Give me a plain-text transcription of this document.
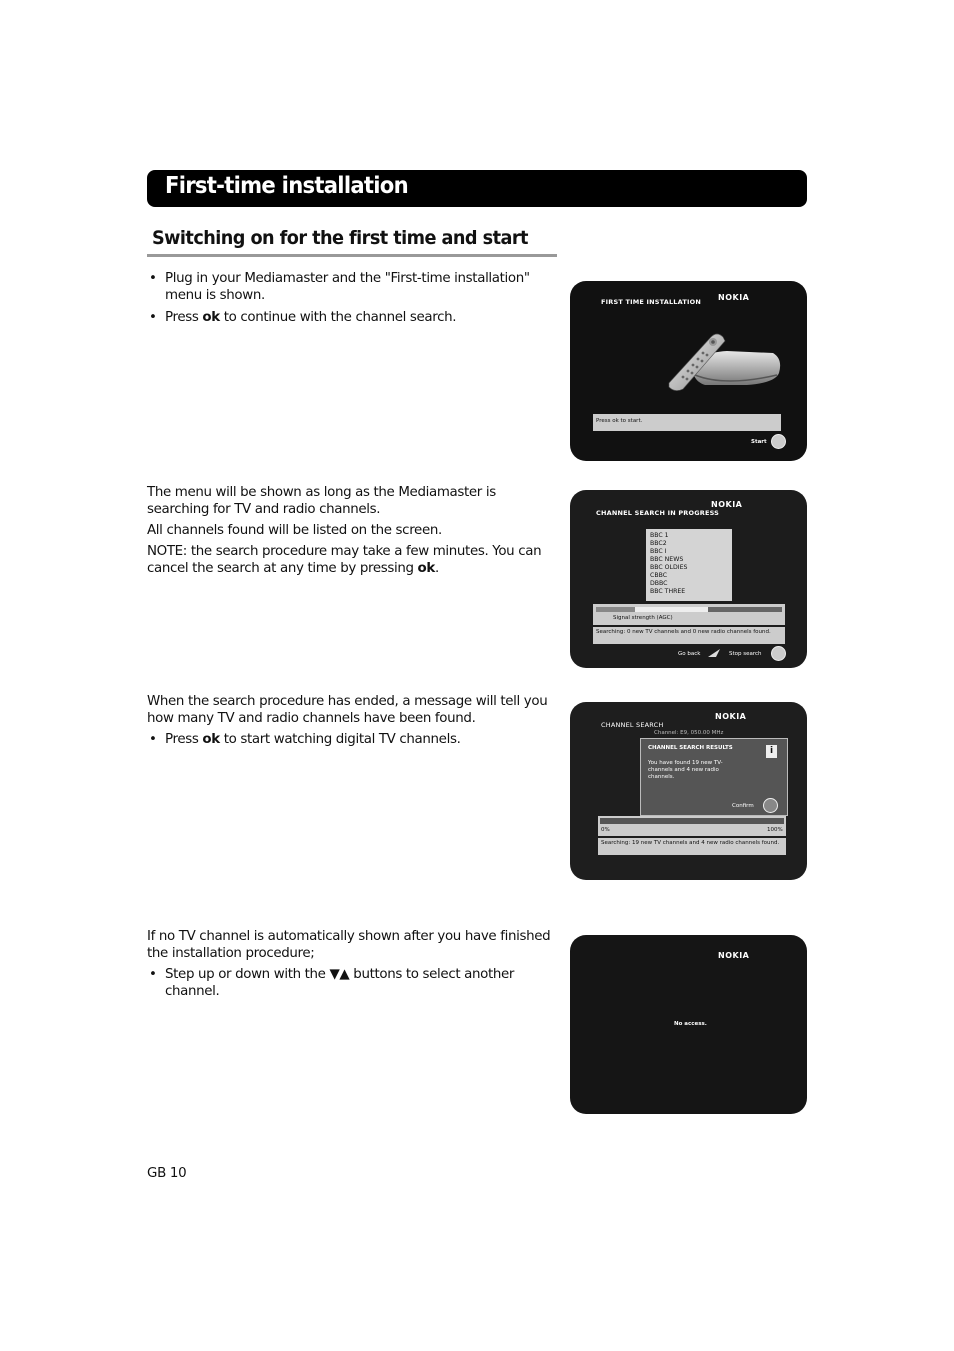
First-time installation
Switching on for the first time and start
• Plug in your Mediamaster and the "First-time installation" menu is shown.
• Press ok to continue with the channel search.
FIRST TIME INSTALLATION NOKIA
Press ok to start.
Start

The menu will be shown as long as the Mediamaster is searching for TV and radio channels.

All channels found will be listed on the screen.

NOTE: the search procedure may take a few minutes. You can cancel the search at any time by pressing ok.

CHANNEL SEARCH IN PROGRESS
NOKIA
BBC 1
BBC2
BBC I
BBC NEWS
BBC OLDIES
CBBC
DBBC
BBC THREE
Signal strength (AGC)
Searching: 0 new TV channels and 0 new radio channels found.
Go back	Stop search

When the search procedure has ended, a message will tell you how many TV and radio channels have been found.

• Press ok to start watching digital TV channels.
CHANNEL SEARCH
NOKIA
Channel: E9, 050.00 MHz
CHANNEL SEARCH RESULTS	i
You have found 19 new TV-channels and 4 new radio channels.
Confirm
0%	100%
Searching: 19 new TV channels and 4 new radio channels found.

If no TV channel is automatically shown after you have finished the installation procedure;

• Step up or down with the ▼▲ buttons to select another channel.
NOKIA
No access.
GB 10
